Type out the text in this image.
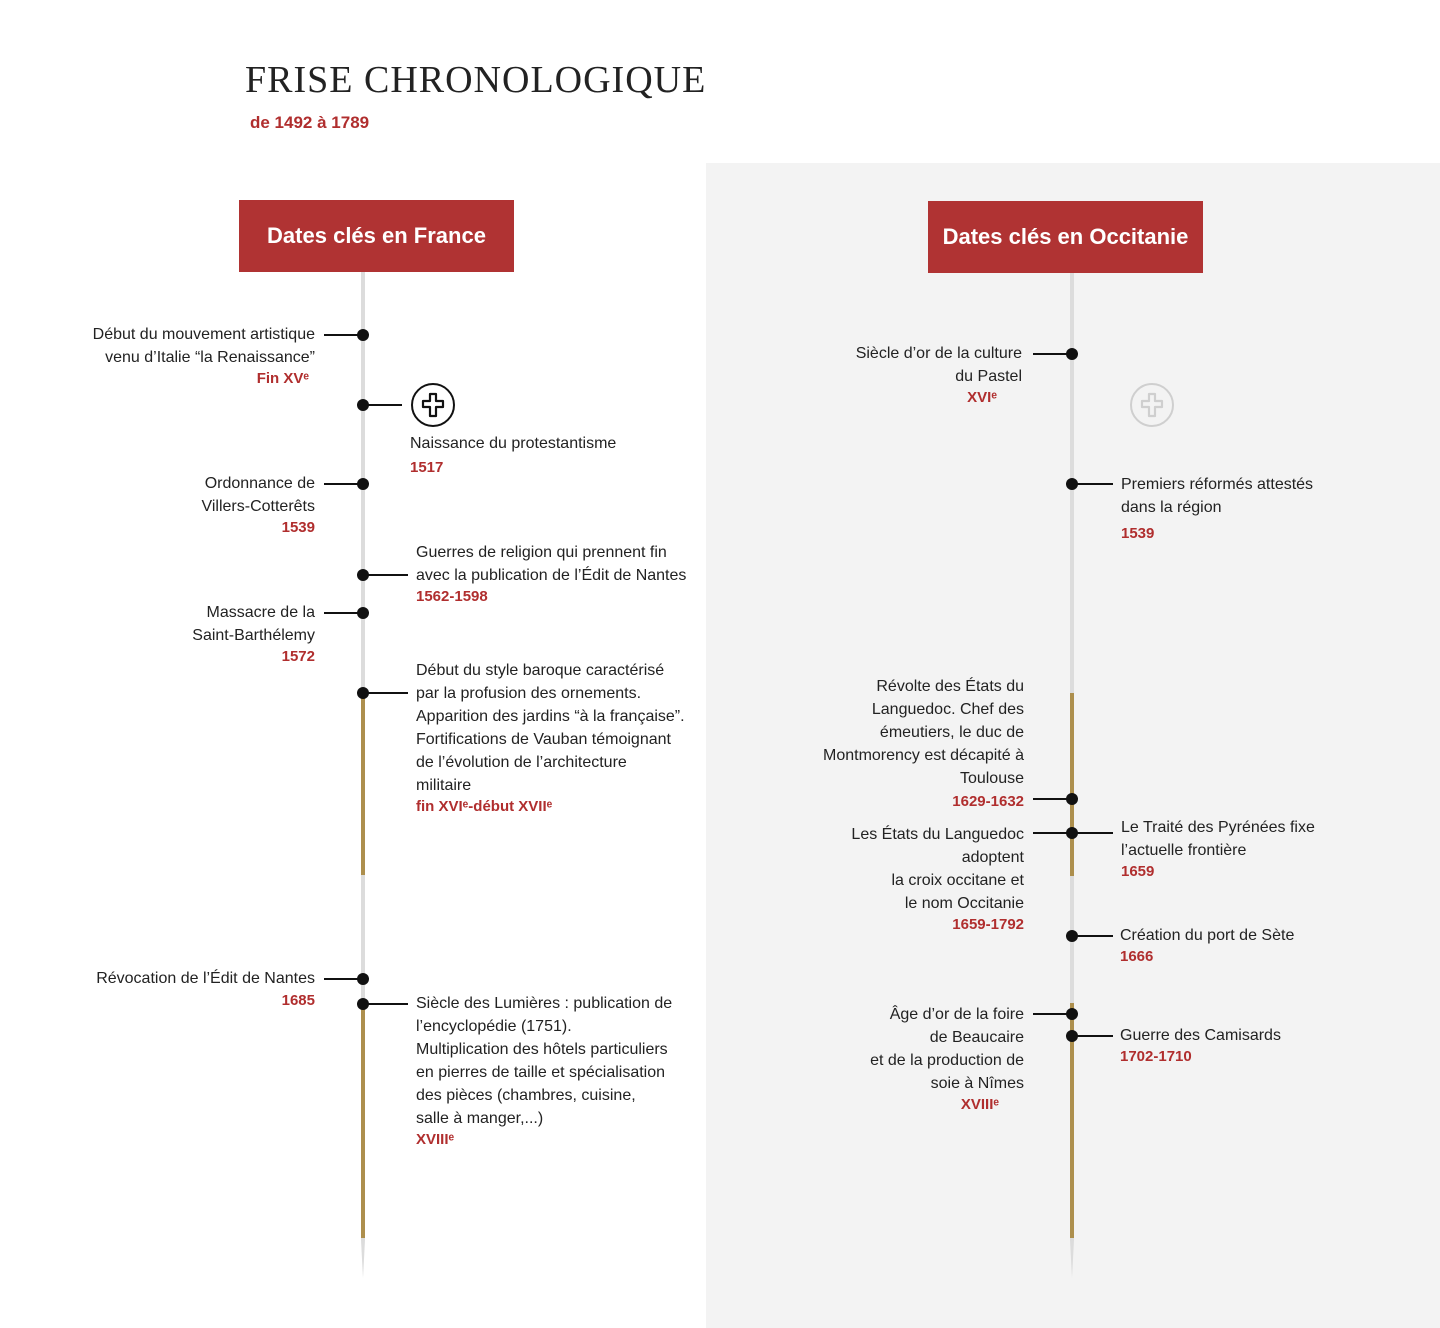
FRISE CHRONOLOGIQUE
de 1492 à 1789
Dates clés en France
Début du mouvement artistique
venu d’Italie “la Renaissance”
Fin XVᵉ
Naissance du protestantisme
1517
Ordonnance de
Villers-Cotterêts
1539
Guerres de religion qui prennent fin
avec la publication de l’Édit de Nantes
1562-1598
Massacre de la
Saint-Barthélemy
1572
Début du style baroque caractérisé
par la profusion des ornements.
Apparition des jardins “à la française”.
Fortifications de Vauban témoignant
de l’évolution de l’architecture
militaire
fin XVIᵉ-début XVIIᵉ
Révocation de l’Édit de Nantes
1685	Siècle des Lumières : publication de
l’encyclopédie (1751).
Multiplication des hôtels particuliers
en pierres de taille et spécialisation
des pièces (chambres, cuisine,
salle à manger,...)
XVIIIᵉ
Dates clés en Occitanie
Siècle d’or de la culture
du Pastel
XVIᵉ
Premiers réformés attestés
dans la région
1539
Révolte des États du
Languedoc. Chef des
émeutiers, le duc de
Montmorency est décapité à
Toulouse
1629-1632
Les États du Languedoc
adoptent
la croix occitane et
le nom Occitanie
1659-1792
Le Traité des Pyrénées fixe
l’actuelle frontière
1659
Création du port de Sète
1666
Âge d’or de la foire
de Beaucaire
et de la production de
soie à Nîmes
XVIIIᵉ
Guerre des Camisards
1702-1710
